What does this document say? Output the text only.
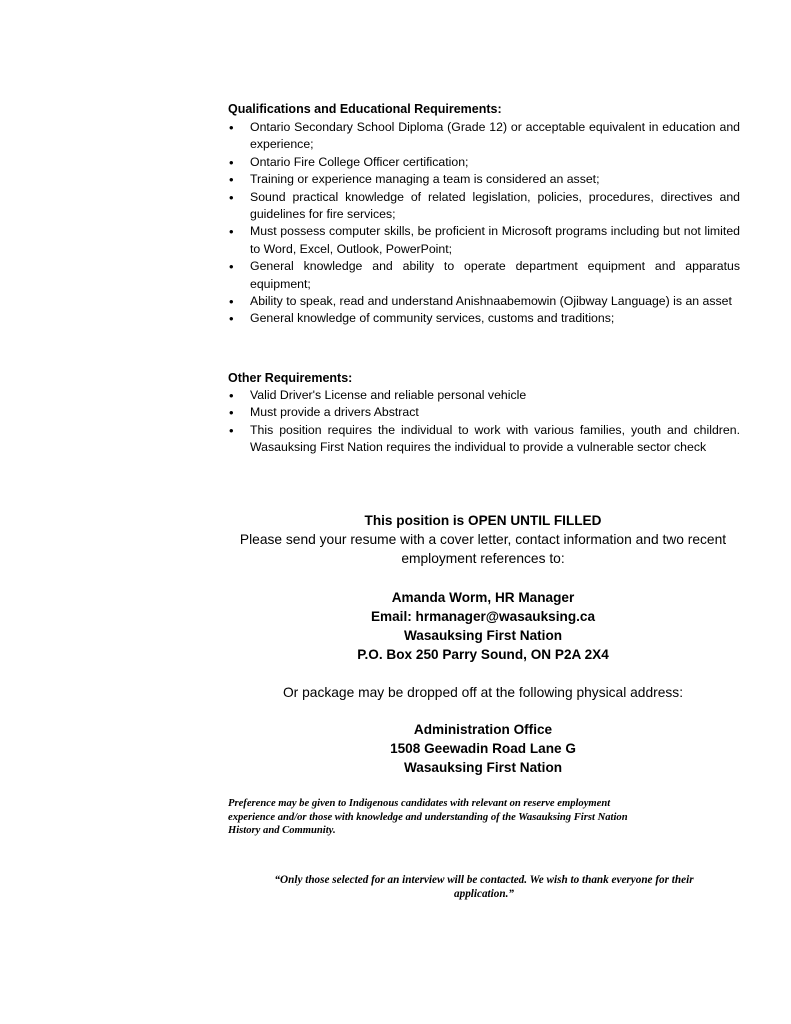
Qualifications and Educational Requirements:
• Ontario Secondary School Diploma (Grade 12) or acceptable equivalent in education and experience;
• Ontario Fire College Officer certification;
• Training or experience managing a team is considered an asset;
• Sound practical knowledge of related legislation, policies, procedures, directives and guidelines for fire services;
• Must possess computer skills, be proficient in Microsoft programs including but not limited to Word, Excel, Outlook, PowerPoint;
• General knowledge and ability to operate department equipment and apparatus equipment;
• Ability to speak, read and understand Anishnaabemowin (Ojibway Language) is an asset
• General knowledge of community services, customs and traditions;
Other Requirements:
• Valid Driver's License and reliable personal vehicle
• Must provide a drivers Abstract
• This position requires the individual to work with various families, youth and children. Wasauksing First Nation requires the individual to provide a vulnerable sector check
This position is OPEN UNTIL FILLED
Please send your resume with a cover letter, contact information and two recent
employment references to:
Amanda Worm, HR Manager
Email: hrmanager@wasauksing.ca
Wasauksing First Nation
P.O. Box 250 Parry Sound, ON P2A 2X4
Or package may be dropped off at the following physical address:
Administration Office
1508 Geewadin Road Lane G
Wasauksing First Nation
Preference may be given to Indigenous candidates with relevant on reserve employment
experience and/or those with knowledge and understanding of the Wasauksing First Nation
History and Community.
“Only those selected for an interview will be contacted. We wish to thank everyone for their
application.”
